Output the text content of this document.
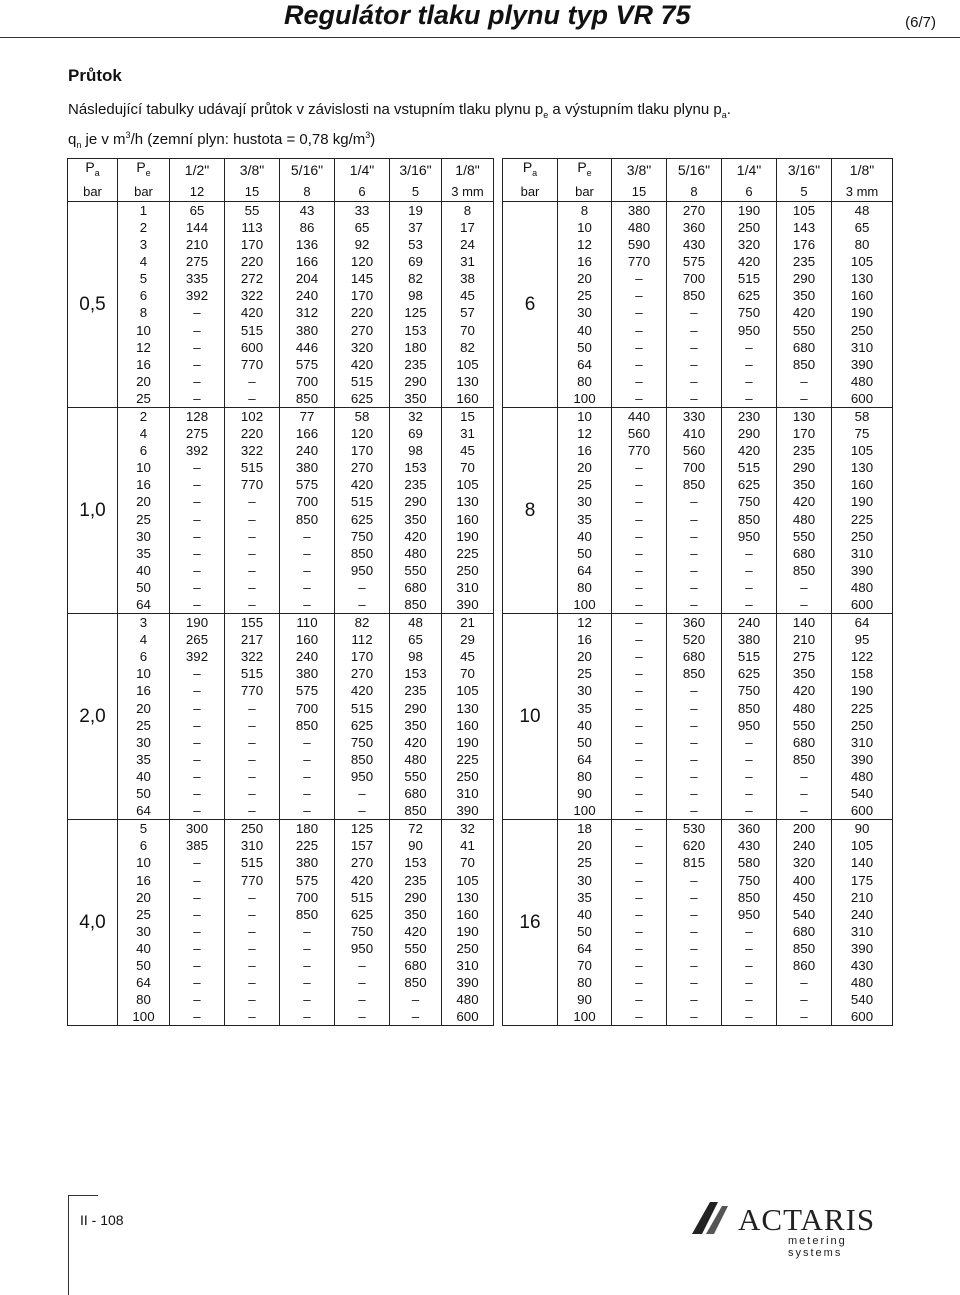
Regulátor tlaku plynu typ VR 75	(6/7)
Průtok
Následující tabulky udávají průtok v závislosti na vstupním tlaku plynu $p_e$ a výstupním tlaku plynu $p_a$.
$q_n$ je v $m^3/h$ (zemní plyn: hustota = 0,78 $kg/m^3$)
$P_a$	$P_e$	1/2"	3/8"	5/16"	1/4"	3/16"	1/8"
bar	bar	12	15	8	6	5	3 mm
0,5	1	65	55	43	33	19	8
	2	144	113	86	65	37	17
	3	210	170	136	92	53	24
	4	275	220	166	120	69	31
	5	335	272	204	145	82	38
	6	392	322	240	170	98	45
	8	–	420	312	220	125	57
	10	–	515	380	270	153	70
	12	–	600	446	320	180	82
	16	–	770	575	420	235	105
	20	–	–	700	515	290	130
	25	–	–	850	625	350	160
1,0	2	128	102	77	58	32	15
	4	275	220	166	120	69	31
	6	392	322	240	170	98	45
	10	–	515	380	270	153	70
	16	–	770	575	420	235	105
	20	–	–	700	515	290	130
	25	–	–	850	625	350	160
	30	–	–	–	750	420	190
	35	–	–	–	850	480	225
	40	–	–	–	950	550	250
	50	–	–	–	–	680	310
	64	–	–	–	–	850	390
2,0	3	190	155	110	82	48	21
	4	265	217	160	112	65	29
	6	392	322	240	170	98	45
	10	–	515	380	270	153	70
	16	–	770	575	420	235	105
	20	–	–	700	515	290	130
	25	–	–	850	625	350	160
	30	–	–	–	750	420	190
	35	–	–	–	850	480	225
	40	–	–	–	950	550	250
	50	–	–	–	–	680	310
	64	–	–	–	–	850	390
4,0	5	300	250	180	125	72	32
	6	385	310	225	157	90	41
	10	–	515	380	270	153	70
	16	–	770	575	420	235	105
	20	–	–	700	515	290	130
	25	–	–	850	625	350	160
	30	–	–	–	750	420	190
	40	–	–	–	950	550	250
	50	–	–	–	–	680	310
	64	–	–	–	–	850	390
	80	–	–	–	–	–	480
	100	–	–	–	–	–	600
$P_a$	$P_e$	3/8"	5/16"	1/4"	3/16"	1/8"
bar	bar	15	8	6	5	3 mm
6	8	380	270	190	105	48
	10	480	360	250	143	65
	12	590	430	320	176	80
	16	770	575	420	235	105
	20	–	700	515	290	130
	25	–	850	625	350	160
	30	–	–	750	420	190
	40	–	–	950	550	250
	50	–	–	–	680	310
	64	–	–	–	850	390
	80	–	–	–	–	480
	100	–	–	–	–	600
8	10	440	330	230	130	58
	12	560	410	290	170	75
	16	770	560	420	235	105
	20	–	700	515	290	130
	25	–	850	625	350	160
	30	–	–	750	420	190
	35	–	–	850	480	225
	40	–	–	950	550	250
	50	–	–	–	680	310
	64	–	–	–	850	390
	80	–	–	–	–	480
	100	–	–	–	–	600
10	12	–	360	240	140	64
	16	–	520	380	210	95
	20	–	680	515	275	122
	25	–	850	625	350	158
	30	–	–	750	420	190
	35	–	–	850	480	225
	40	–	–	950	550	250
	50	–	–	–	680	310
	64	–	–	–	850	390
	80	–	–	–	–	480
	90	–	–	–	–	540
	100	–	–	–	–	600
16	18	–	530	360	200	90
	20	–	620	430	240	105
	25	–	815	580	320	140
	30	–	–	750	400	175
	35	–	–	850	450	210
	40	–	–	950	540	240
	50	–	–	–	680	310
	64	–	–	–	850	390
	70	–	–	–	860	430
	80	–	–	–	–	480
	90	–	–	–	–	540
	100	–	–	–	–	600
II - 108	ACTARIS
metering systems
